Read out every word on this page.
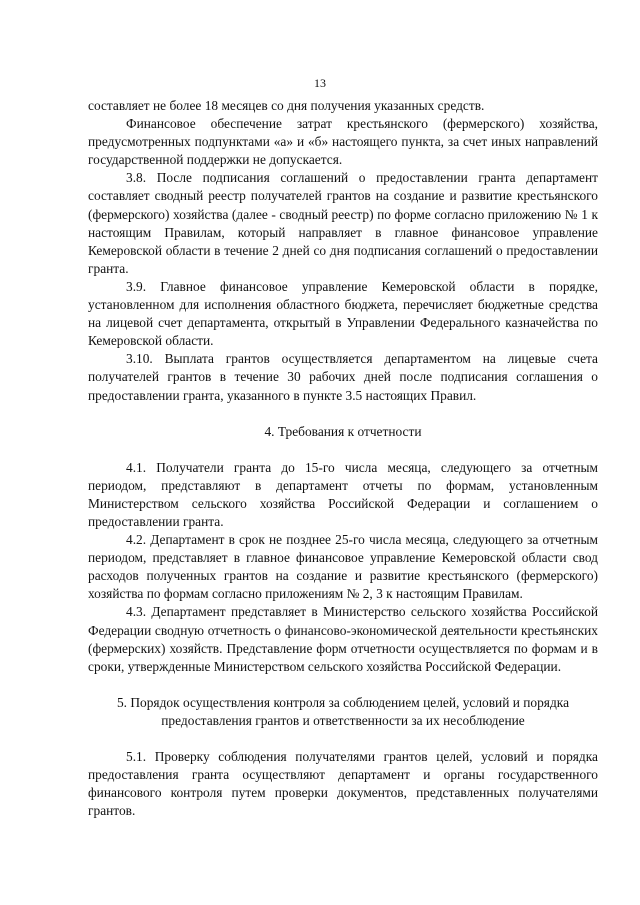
13

составляет не более 18 месяцев со дня получения указанных средств.

Финансовое обеспечение затрат крестьянского (фермерского) хозяйства, предусмотренных подпунктами «а» и «б» настоящего пункта, за счет иных направлений государственной поддержки не допускается.

3.8. После подписания соглашений о предоставлении гранта департамент составляет сводный реестр получателей грантов на создание и развитие крестьянского (фермерского) хозяйства (далее - сводный реестр) по форме согласно приложению № 1 к настоящим Правилам, который направляет в главное финансовое управление Кемеровской области в течение 2 дней со дня подписания соглашений о предоставлении гранта.

3.9. Главное финансовое управление Кемеровской области в порядке, установленном для исполнения областного бюджета, перечисляет бюджетные средства на лицевой счет департамента, открытый в Управлении Федерального казначейства по Кемеровской области.

3.10. Выплата грантов осуществляется департаментом на лицевые счета получателей грантов в течение 30 рабочих дней после подписания соглашения о предоставлении гранта, указанного в пункте 3.5 настоящих Правил.

4. Требования к отчетности

4.1. Получатели гранта до 15-го числа месяца, следующего за отчетным периодом, представляют в департамент отчеты по формам, установленным Министерством сельского хозяйства Российской Федерации и соглашением о предоставлении гранта.

4.2. Департамент в срок не позднее 25-го числа месяца, следующего за отчетным периодом, представляет в главное финансовое управление Кемеровской области свод расходов полученных грантов на создание и развитие крестьянского (фермерского) хозяйства по формам согласно приложениям № 2, 3 к настоящим Правилам.

4.3. Департамент представляет в Министерство сельского хозяйства Российской Федерации сводную отчетность о финансово-экономической деятельности крестьянских (фермерских) хозяйств. Представление форм отчетности осуществляется по формам и в сроки, утвержденные Министерством сельского хозяйства Российской Федерации.

5. Порядок осуществления контроля за соблюдением целей, условий и порядка

предоставления грантов и ответственности за их несоблюдение

5.1. Проверку соблюдения получателями грантов целей, условий и порядка предоставления гранта осуществляют департамент и органы государственного финансового контроля путем проверки документов, представленных получателями грантов.
